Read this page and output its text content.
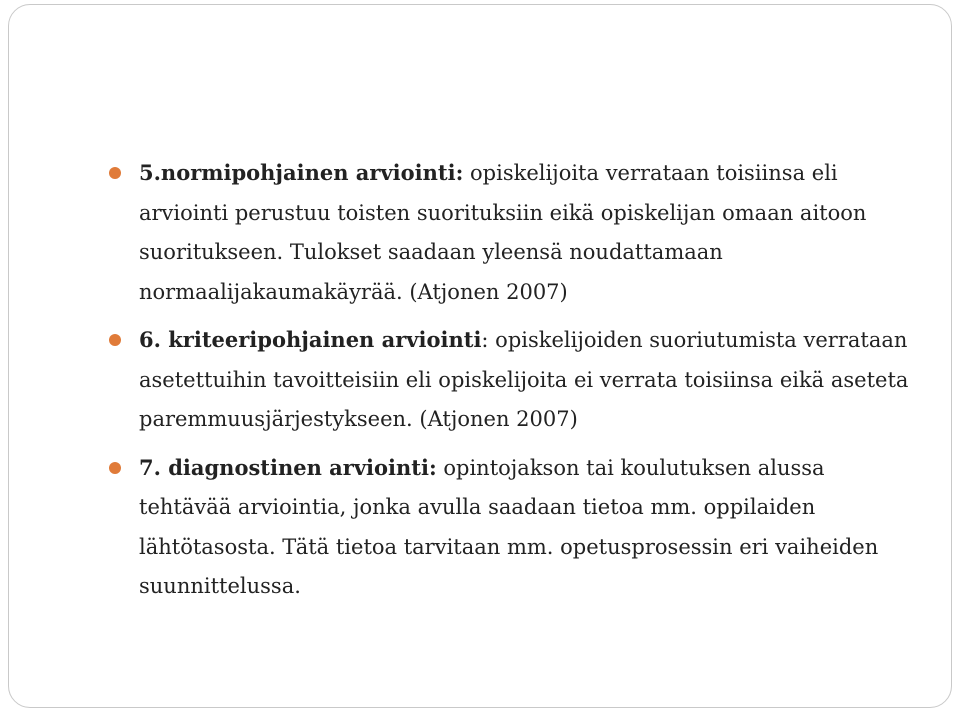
5.normipohjainen arviointi: opiskelijoita verrataan toisiinsa eli arviointi perustuu toisten suorituksiin eikä opiskelijan omaan aitoon suoritukseen. Tulokset saadaan yleensä noudattamaan normaalijakaumakäyrää. (Atjonen 2007)
6. kriteeripohjainen arviointi: opiskelijoiden suoriutumista verrataan asetettuihin tavoitteisiin eli opiskelijoita ei verrata toisiinsa eikä aseteta paremmuusjärjestykseen. (Atjonen 2007)
7. diagnostinen arviointi: opintojakson tai koulutuksen alussa tehtävää arviointia, jonka avulla saadaan tietoa mm. oppilaiden lähtötasosta. Tätä tietoa tarvitaan mm. opetusprosessin eri vaiheiden suunnittelussa.
